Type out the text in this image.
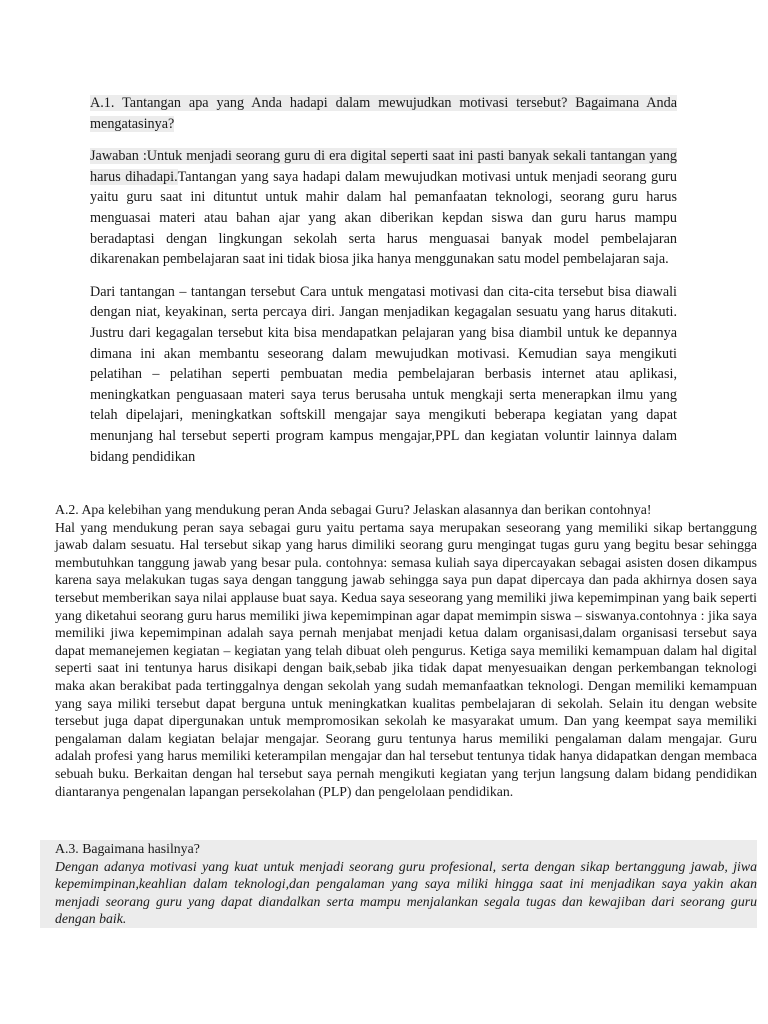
A.1. Tantangan apa yang Anda hadapi dalam mewujudkan motivasi tersebut? Bagaimana Anda mengatasinya?

Jawaban :Untuk menjadi seorang guru di era digital seperti saat ini pasti banyak sekali tantangan yang harus dihadapi.Tantangan yang saya hadapi dalam mewujudkan motivasi untuk menjadi seorang guru yaitu guru saat ini dituntut untuk mahir dalam hal pemanfaatan teknologi, seorang guru harus menguasai materi atau bahan ajar yang akan diberikan kepdan siswa dan guru harus mampu beradaptasi dengan lingkungan sekolah serta harus menguasai banyak model pembelajaran dikarenakan pembelajaran saat ini tidak biosa jika hanya menggunakan satu model pembelajaran saja.

Dari tantangan – tantangan tersebut Cara untuk mengatasi motivasi dan cita-cita tersebut bisa diawali dengan niat, keyakinan, serta percaya diri. Jangan menjadikan kegagalan sesuatu yang harus ditakuti. Justru dari kegagalan tersebut kita bisa mendapatkan pelajaran yang bisa diambil untuk ke depannya dimana ini akan membantu seseorang dalam mewujudkan motivasi. Kemudian saya mengikuti pelatihan – pelatihan seperti pembuatan media pembelajaran berbasis internet atau aplikasi, meningkatkan penguasaan materi saya terus berusaha untuk mengkaji serta menerapkan ilmu yang telah dipelajari, meningkatkan softskill mengajar saya mengikuti beberapa kegiatan yang dapat menunjang hal tersebut seperti program kampus mengajar,PPL dan kegiatan voluntir lainnya dalam bidang pendidikan

A.2. Apa kelebihan yang mendukung peran Anda sebagai Guru? Jelaskan alasannya dan berikan contohnya!

Hal yang mendukung peran saya sebagai guru yaitu pertama saya merupakan seseorang yang memiliki sikap bertanggung jawab dalam sesuatu. Hal tersebut sikap yang harus dimiliki seorang guru mengingat tugas guru yang begitu besar sehingga membutuhkan tanggung jawab yang besar pula. contohnya: semasa kuliah saya dipercayakan sebagai asisten dosen dikampus karena saya melakukan tugas saya dengan tanggung jawab sehingga saya pun dapat dipercaya dan pada akhirnya dosen saya tersebut memberikan saya nilai applause buat saya. Kedua saya seseorang yang memiliki jiwa kepemimpinan yang baik seperti yang diketahui seorang guru harus memiliki jiwa kepemimpinan agar dapat memimpin siswa – siswanya.contohnya : jika saya memiliki jiwa kepemimpinan adalah saya pernah menjabat menjadi ketua dalam organisasi,dalam organisasi tersebut saya dapat memanejemen kegiatan – kegiatan yang telah dibuat oleh pengurus. Ketiga saya memiliki kemampuan dalam hal digital seperti saat ini tentunya harus disikapi dengan baik,sebab jika tidak dapat menyesuaikan dengan perkembangan teknologi maka akan berakibat pada tertinggalnya dengan sekolah yang sudah memanfaatkan teknologi. Dengan memiliki kemampuan yang saya miliki tersebut dapat berguna untuk meningkatkan kualitas pembelajaran di sekolah. Selain itu dengan website tersebut juga dapat dipergunakan untuk mempromosikan sekolah ke masyarakat umum. Dan yang keempat saya memiliki pengalaman dalam kegiatan belajar mengajar. Seorang guru tentunya harus memiliki pengalaman dalam mengajar. Guru adalah profesi yang harus memiliki keterampilan mengajar dan hal tersebut tentunya tidak hanya didapatkan dengan membaca sebuah buku. Berkaitan dengan hal tersebut saya pernah mengikuti kegiatan yang terjun langsung dalam bidang pendidikan diantaranya pengenalan lapangan persekolahan (PLP) dan pengelolaan pendidikan.

A.3. Bagaimana hasilnya?

Dengan adanya motivasi yang kuat untuk menjadi seorang guru profesional, serta dengan sikap bertanggung jawab, jiwa kepemimpinan,keahlian dalam teknologi,dan pengalaman yang saya miliki hingga saat ini menjadikan saya yakin akan menjadi seorang guru yang dapat diandalkan serta mampu menjalankan segala tugas dan kewajiban dari seorang guru dengan baik.
